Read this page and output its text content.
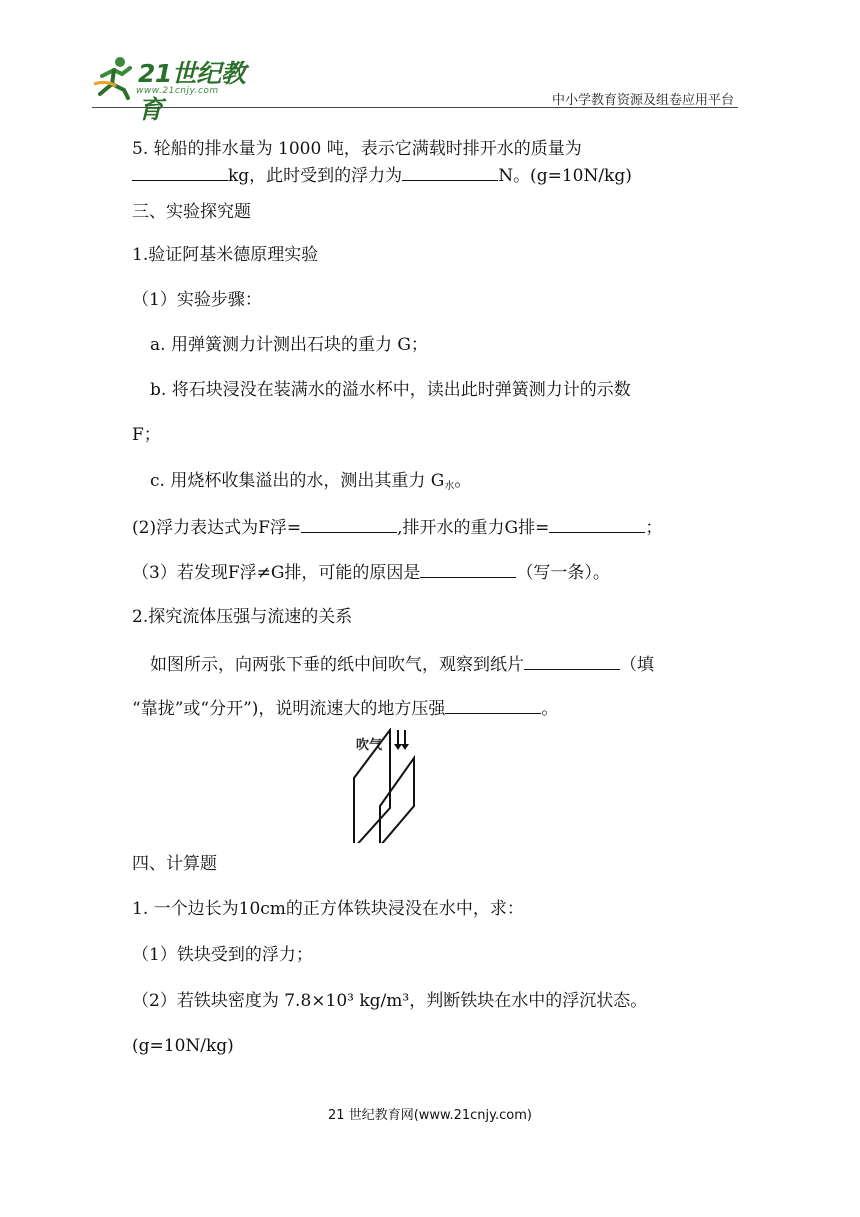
21世纪教育
www.21cnjy.com
中小学教育资源及组卷应用平台
5. 轮船的排水量为 1000 吨，表示它满载时排开水的质量为
kg，此时受到的浮力为	N。(g=10N/kg)
三、实验探究题
1.验证阿基米德原理实验
（1）实验步骤：
a. 用弹簧测力计测出石块的重力 G；
b. 将石块浸没在装满水的溢水杯中，读出此时弹簧测力计的示数
F；
c. 用烧杯收集溢出的水，测出其重力 $G_水$。
(2)浮力表达式为F浮=	,排开水的重力G排=	；
（3）若发现F浮≠G排，可能的原因是	（写一条）。
2.探究流体压强与流速的关系
如图所示，向两张下垂的纸中间吹气，观察到纸片	（填
“靠拢”或“分开”)，说明流速大的地方压强	。
吹气
四、计算题
1. 一个边长为10cm的正方体铁块浸没在水中，求：
（1）铁块受到的浮力；
（2）若铁块密度为 7.8×10³ kg/m³，判断铁块在水中的浮沉状态。
(g=10N/kg)
21 世纪教育网(www.21cnjy.com)
